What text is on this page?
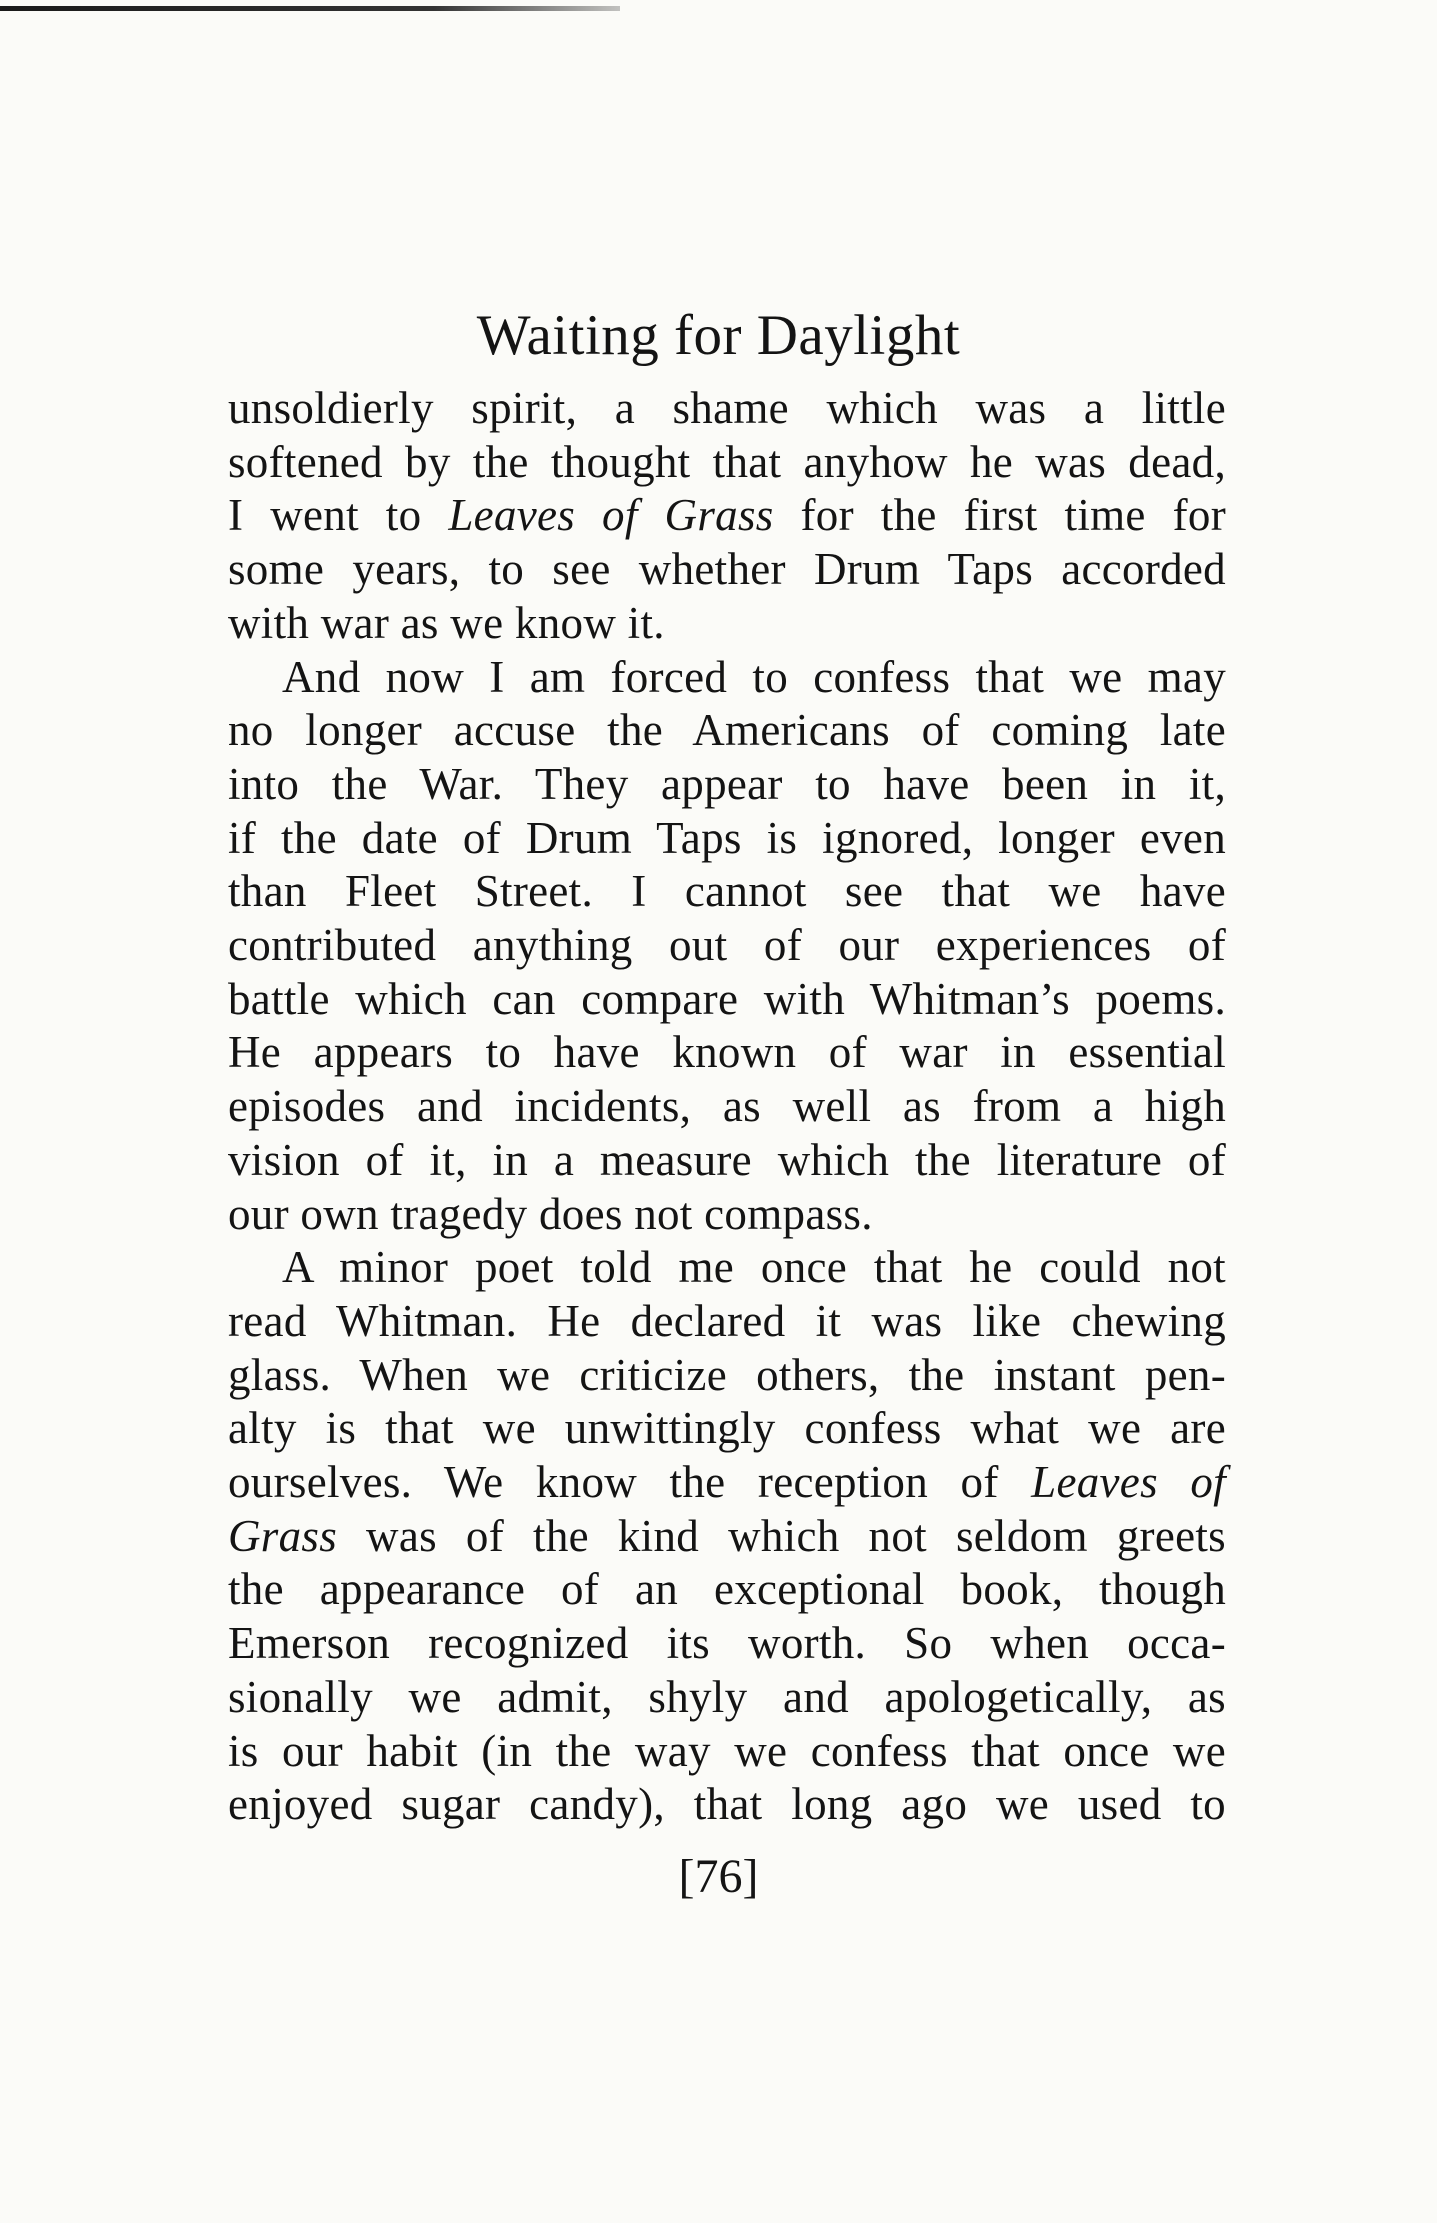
Waiting for Daylight
unsoldierly spirit, a shame which was a little
softened by the thought that anyhow he was dead,
I went to Leaves of Grass for the first time for
some years, to see whether Drum Taps accorded
with war as we know it.
And now I am forced to confess that we may
no longer accuse the Americans of coming late
into the War. They appear to have been in it,
if the date of Drum Taps is ignored, longer even
than Fleet Street. I cannot see that we have
contributed anything out of our experiences of
battle which can compare with Whitman’s poems.
He appears to have known of war in essential
episodes and incidents, as well as from a high
vision of it, in a measure which the literature of
our own tragedy does not compass.
A minor poet told me once that he could not
read Whitman. He declared it was like chewing
glass. When we criticize others, the instant pen-
alty is that we unwittingly confess what we are
ourselves. We know the reception of Leaves of
Grass was of the kind which not seldom greets
the appearance of an exceptional book, though
Emerson recognized its worth. So when occa-
sionally we admit, shyly and apologetically, as
is our habit (in the way we confess that once we
enjoyed sugar candy), that long ago we used to
[76]
